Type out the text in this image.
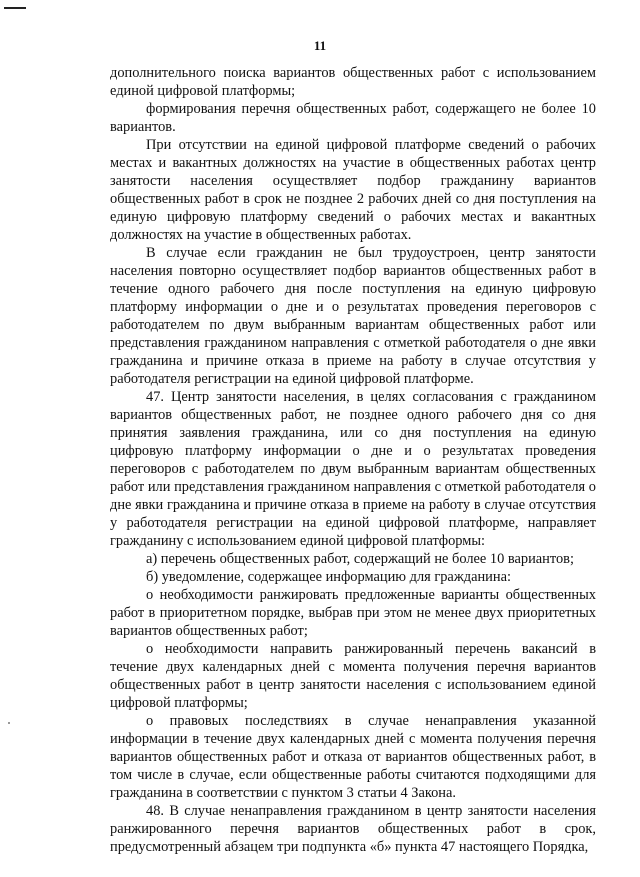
11

дополнительного поиска вариантов общественных работ с использованием единой цифровой платформы;

формирования перечня общественных работ, содержащего не более 10 вариантов.

При отсутствии на единой цифровой платформе сведений о рабочих местах и вакантных должностях на участие в общественных работах центр занятости населения осуществляет подбор гражданину вариантов общественных работ в срок не позднее 2 рабочих дней со дня поступления на единую цифровую платформу сведений о рабочих местах и вакантных должностях на участие в общественных работах.

В случае если гражданин не был трудоустроен, центр занятости населения повторно осуществляет подбор вариантов общественных работ в течение одного рабочего дня после поступления на единую цифровую платформу информации о дне и о результатах проведения переговоров с работодателем по двум выбранным вариантам общественных работ или представления гражданином направления с отметкой работодателя о дне явки гражданина и причине отказа в приеме на работу в случае отсутствия у работодателя регистрации на единой цифровой платформе.

47. Центр занятости населения, в целях согласования с гражданином вариантов общественных работ, не позднее одного рабочего дня со дня принятия заявления гражданина, или со дня поступления на единую цифровую платформу информации о дне и о результатах проведения переговоров с работодателем по двум выбранным вариантам общественных работ или представления гражданином направления с отметкой работодателя о дне явки гражданина и причине отказа в приеме на работу в случае отсутствия у работодателя регистрации на единой цифровой платформе, направляет гражданину с использованием единой цифровой платформы:

а) перечень общественных работ, содержащий не более 10 вариантов;

б) уведомление, содержащее информацию для гражданина:

о необходимости ранжировать предложенные варианты общественных работ в приоритетном порядке, выбрав при этом не менее двух приоритетных вариантов общественных работ;

о необходимости направить ранжированный перечень вакансий в течение двух календарных дней с момента получения перечня вариантов общественных работ в центр занятости населения с использованием единой цифровой платформы;

о правовых последствиях в случае ненаправления указанной информации в течение двух календарных дней с момента получения перечня вариантов общественных работ и отказа от вариантов общественных работ, в том числе в случае, если общественные работы считаются подходящими для гражданина в соответствии с пунктом 3 статьи 4 Закона.

48. В случае ненаправления гражданином в центр занятости населения ранжированного перечня вариантов общественных работ в срок, предусмотренный абзацем три подпункта «б» пункта 47 настоящего Порядка,
